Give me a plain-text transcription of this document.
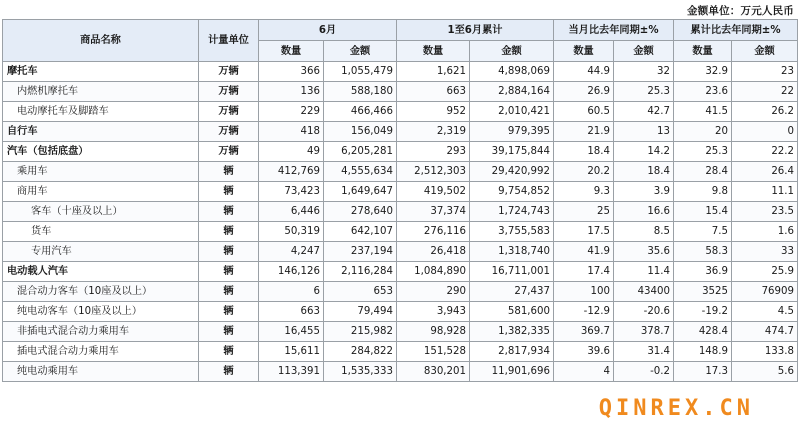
金额单位：万元人民币
商品名称	计量单位	6月		1至6月累计		当月比去年同期±%		累计比去年同期±%	
		数量	金额	数量	金额	数量	金额	数量	金额
摩托车	万辆	366	1,055,479	1,621	4,898,069	44.9	32	32.9	23
内燃机摩托车	万辆	136	588,180	663	2,884,164	26.9	25.3	23.6	22
电动摩托车及脚踏车	万辆	229	466,466	952	2,010,421	60.5	42.7	41.5	26.2
自行车	万辆	418	156,049	2,319	979,395	21.9	13	20	0
汽车（包括底盘）	万辆	49	6,205,281	293	39,175,844	18.4	14.2	25.3	22.2
乘用车	辆	412,769	4,555,634	2,512,303	29,420,992	20.2	18.4	28.4	26.4
商用车	辆	73,423	1,649,647	419,502	9,754,852	9.3	3.9	9.8	11.1
客车（十座及以上）	辆	6,446	278,640	37,374	1,724,743	25	16.6	15.4	23.5
货车	辆	50,319	642,107	276,116	3,755,583	17.5	8.5	7.5	1.6
专用汽车	辆	4,247	237,194	26,418	1,318,740	41.9	35.6	58.3	33
电动载人汽车	辆	146,126	2,116,284	1,084,890	16,711,001	17.4	11.4	36.9	25.9
混合动力客车（10座及以上）	辆	6	653	290	27,437	100	43400	3525	76909
纯电动客车（10座及以上）	辆	663	79,494	3,943	581,600	-12.9	-20.6	-19.2	4.5
非插电式混合动力乘用车	辆	16,455	215,982	98,928	1,382,335	369.7	378.7	428.4	474.7
插电式混合动力乘用车	辆	15,611	284,822	151,528	2,817,934	39.6	31.4	148.9	133.8
纯电动乘用车	辆	113,391	1,535,333	830,201	11,901,696	4	-0.2	17.3	5.6
QINREX.CN
